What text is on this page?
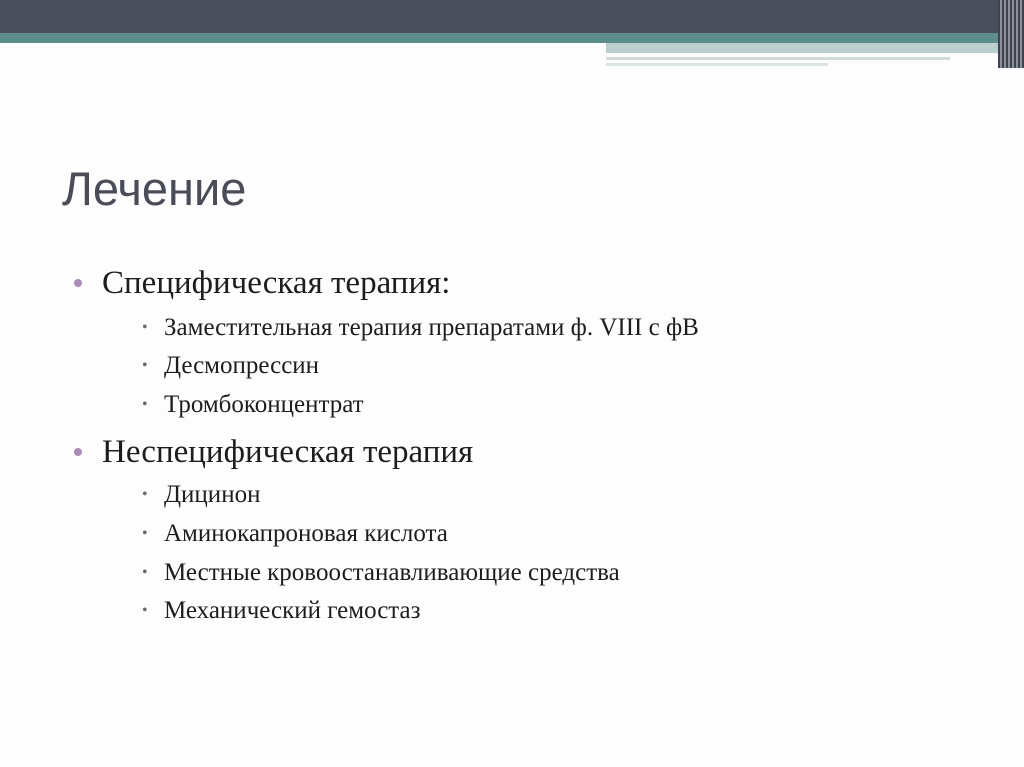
Лечение
Специфическая терапия:
• Заместительная терапия препаратами ф. VIII с фВ
• Десмопрессин
• Тромбоконцентрат
Неспецифическая терапия
• Дицинон
• Аминокапроновая кислота
• Местные кровоостанавливающие средства
• Механический гемостаз
